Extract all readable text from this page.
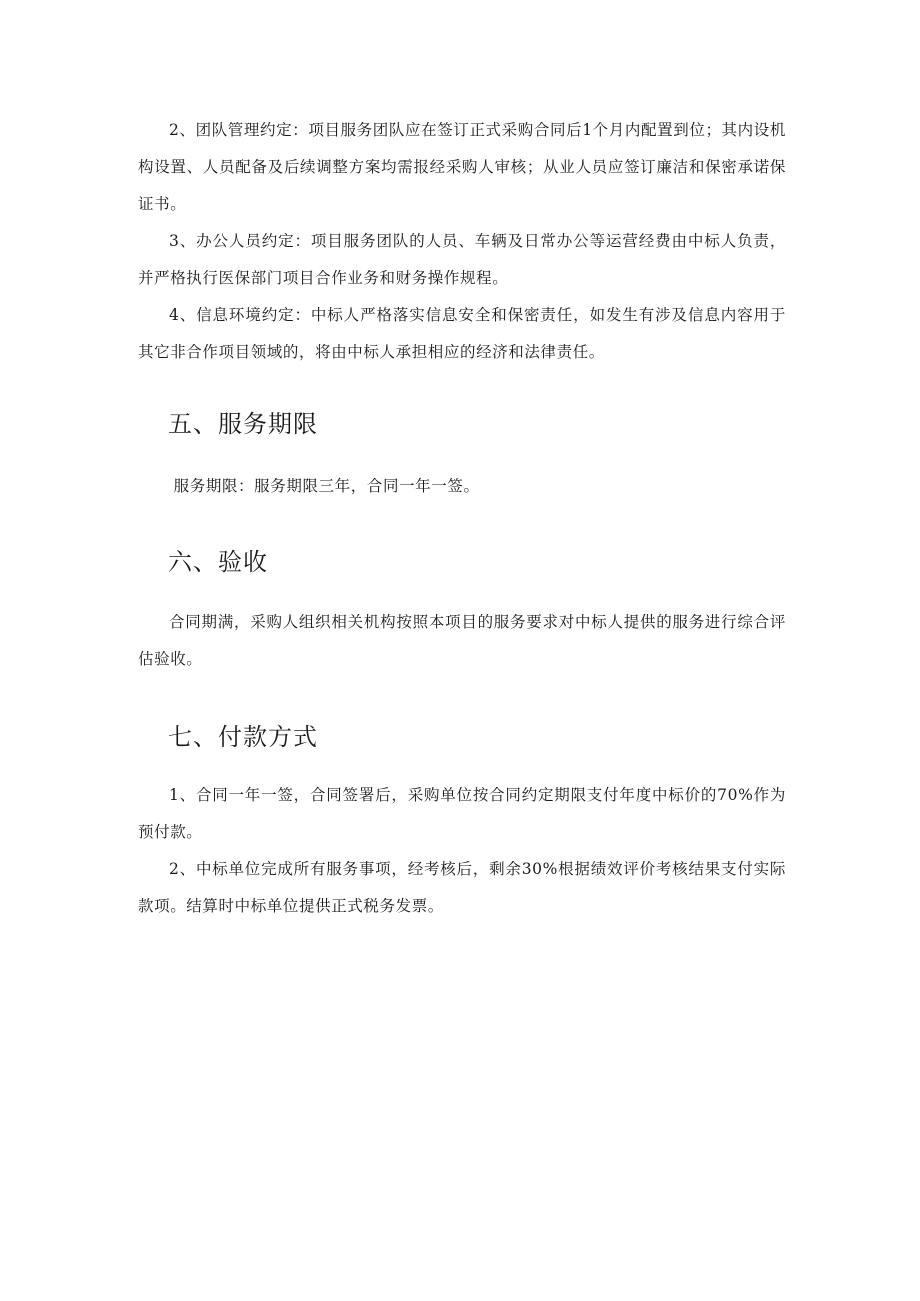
2、团队管理约定：项目服务团队应在签订正式采购合同后1个月内配置到位；其内设机构设置、人员配备及后续调整方案均需报经采购人审核；从业人员应签订廉洁和保密承诺保证书。

3、办公人员约定：项目服务团队的人员、车辆及日常办公等运营经费由中标人负责，并严格执行医保部门项目合作业务和财务操作规程。

4、信息环境约定：中标人严格落实信息安全和保密责任，如发生有涉及信息内容用于其它非合作项目领域的，将由中标人承担相应的经济和法律责任。

五、服务期限

服务期限：服务期限三年，合同一年一签。

六、验收

合同期满，采购人组织相关机构按照本项目的服务要求对中标人提供的服务进行综合评估验收。

七、付款方式

1、合同一年一签，合同签署后，采购单位按合同约定期限支付年度中标价的70%作为预付款。

2、中标单位完成所有服务事项，经考核后，剩余30%根据绩效评价考核结果支付实际款项。结算时中标单位提供正式税务发票。
